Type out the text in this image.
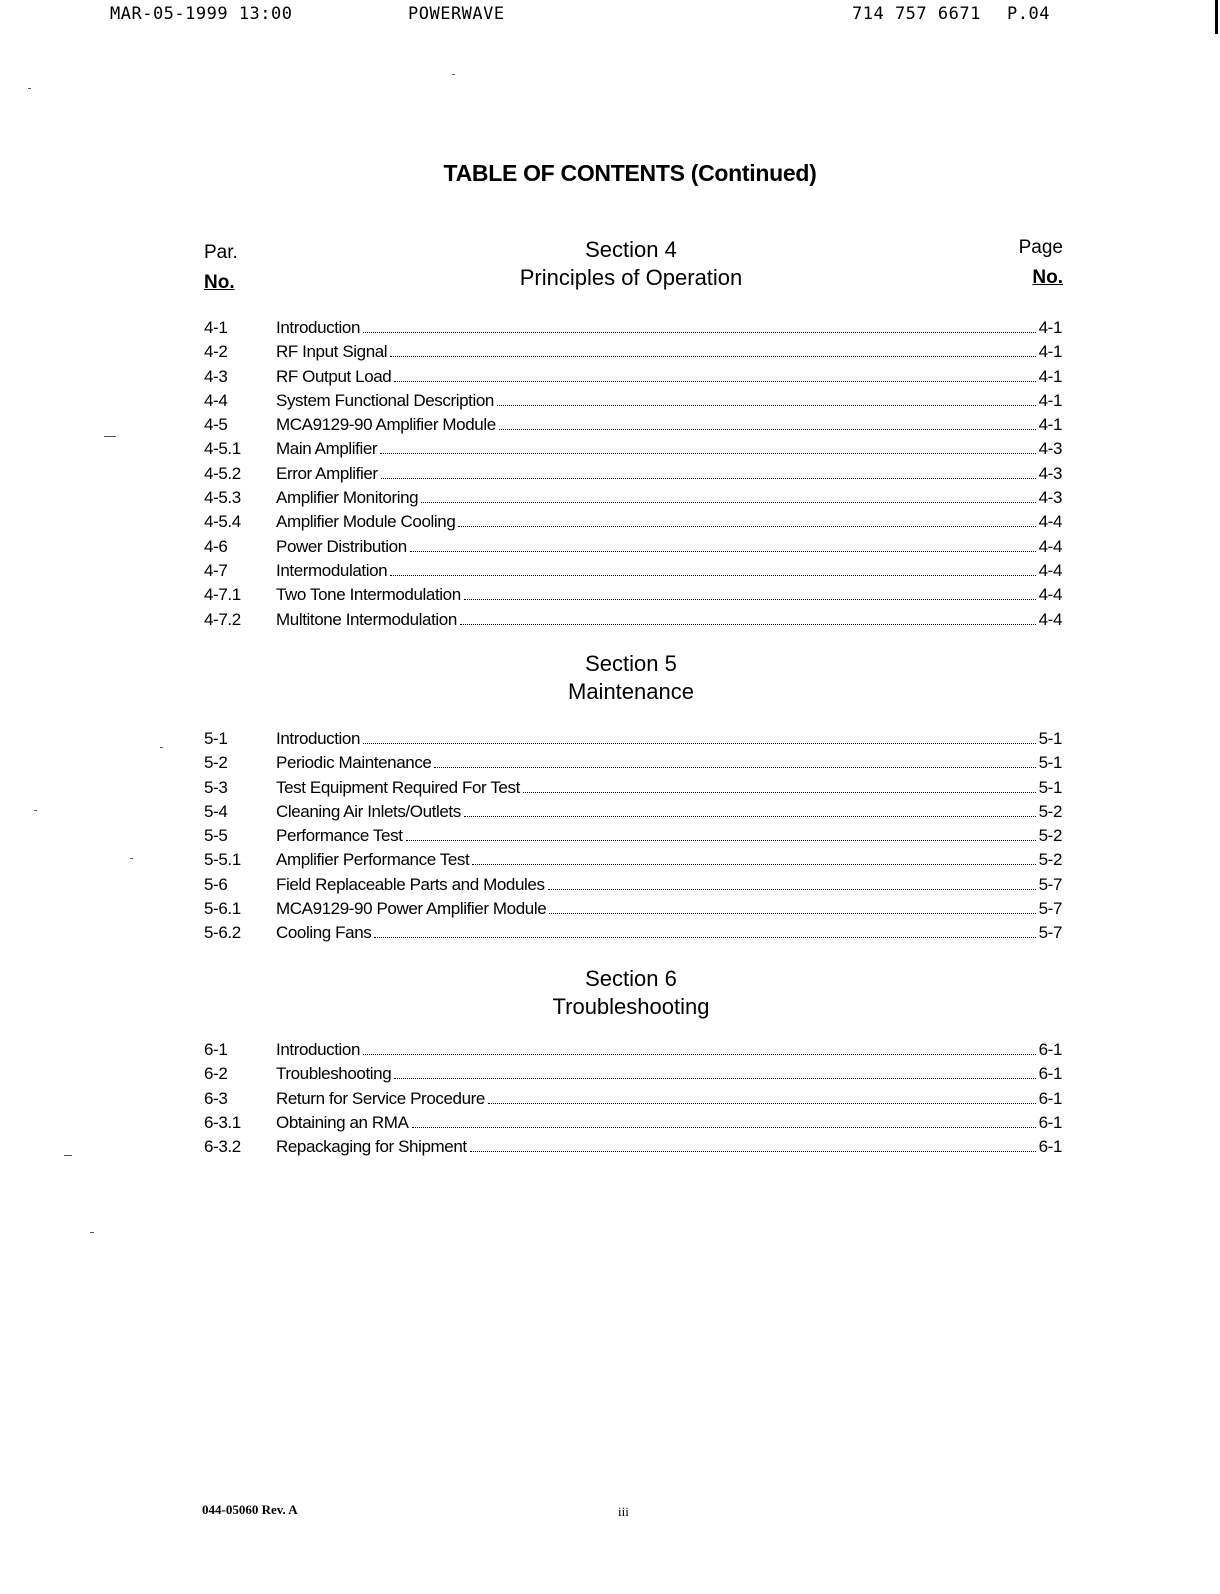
MAR-05-1999 13:00	POWERWAVE	714 757 6671 P.04
TABLE OF CONTENTS (Continued)
Par.
No.
Page
No.
Section 4
Principles of Operation
4-1	Introduction	4-1
4-2	RF Input Signal	4-1
4-3	RF Output Load	4-1
4-4	System Functional Description	4-1
4-5	MCA9129-90 Amplifier Module	4-1
4-5.1	Main Amplifier	4-3
4-5.2	Error Amplifier	4-3
4-5.3	Amplifier Monitoring	4-3
4-5.4	Amplifier Module Cooling	4-4
4-6	Power Distribution	4-4
4-7	Intermodulation	4-4
4-7.1	Two Tone Intermodulation	4-4
4-7.2	Multitone Intermodulation	4-4
Section 5
Maintenance
5-1	Introduction	5-1
5-2	Periodic Maintenance	5-1
5-3	Test Equipment Required For Test	5-1
5-4	Cleaning Air Inlets/Outlets	5-2
5-5	Performance Test	5-2
5-5.1	Amplifier Performance Test	5-2
5-6	Field Replaceable Parts and Modules	5-7
5-6.1	MCA9129-90 Power Amplifier Module	5-7
5-6.2	Cooling Fans	5-7
Section 6
Troubleshooting
6-1	Introduction	6-1
6-2	Troubleshooting	6-1
6-3	Return for Service Procedure	6-1
6-3.1	Obtaining an RMA	6-1
6-3.2	Repackaging for Shipment	6-1
044-05060 Rev. A	iii
